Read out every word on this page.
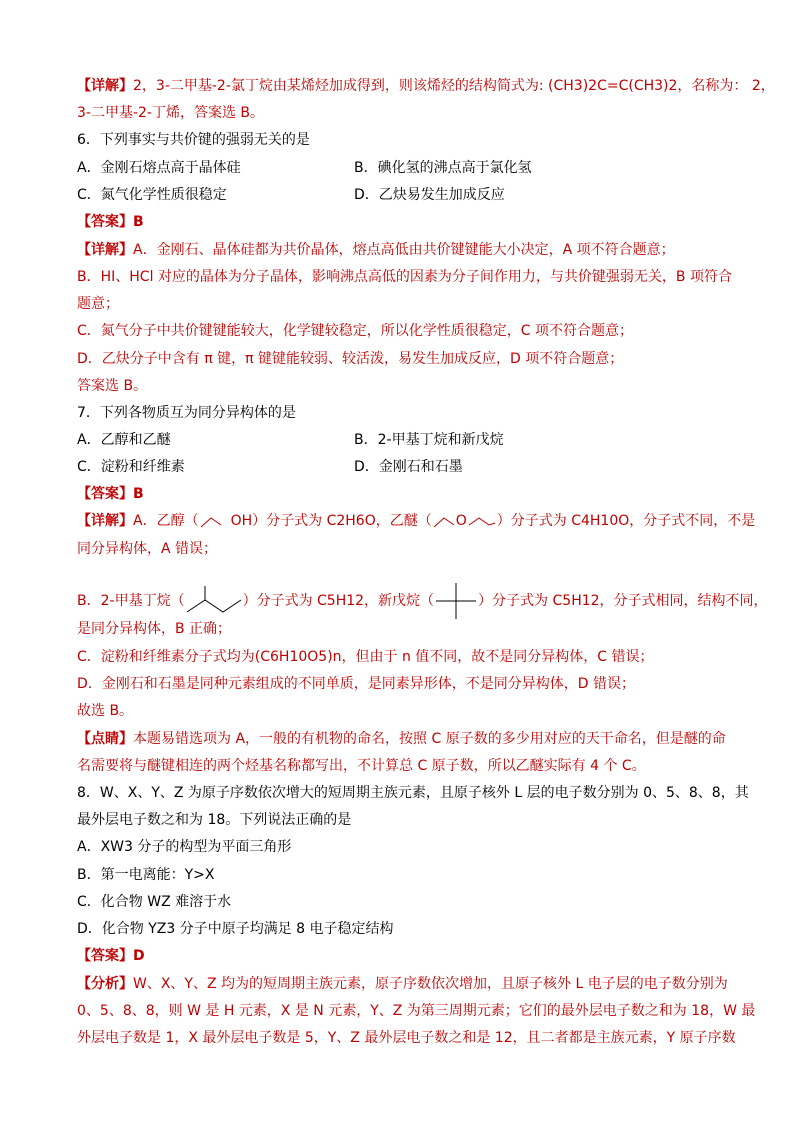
【详解】2，3-二甲基-2-氯丁烷由某烯烃加成得到，则该烯烃的结构简式为: (CH3)2C=C(CH3)2，名称为： 2，
3-二甲基-2-丁烯，答案选 B。
6．下列事实与共价键的强弱无关的是
A．金刚石熔点高于晶体硅	B．碘化氢的沸点高于氯化氢
C．氮气化学性质很稳定	D．乙炔易发生加成反应
【答案】B
【详解】A．金刚石、晶体硅都为共价晶体，熔点高低由共价键键能大小决定，A 项不符合题意；
B．HI、HCl 对应的晶体为分子晶体，影响沸点高低的因素为分子间作用力，与共价键强弱无关，B 项符合
题意；
C．氮气分子中共价键键能较大，化学键较稳定，所以化学性质很稳定，C 项不符合题意；
D．乙炔分子中含有 π 键，π 键键能较弱、较活泼，易发生加成反应，D 项不符合题意；
答案选 B。
7．下列各物质互为同分异构体的是
A．乙醇和乙醚	B．2-甲基丁烷和新戊烷
C．淀粉和纤维素	D．金刚石和石墨
【答案】B
【详解】A．乙醇（ OH）分子式为 C2H6O，乙醚（ O ）分子式为 C4H10O，分子式不同，不是
同分异构体，A 错误；
B．2-甲基丁烷（	）分子式为 C5H12，新戊烷（	）分子式为 C5H12，分子式相同，结构不同，
是同分异构体，B 正确；
C．淀粉和纤维素分子式均为(C6H10O5)n，但由于 n 值不同，故不是同分异构体，C 错误；
D．金刚石和石墨是同种元素组成的不同单质，是同素异形体，不是同分异构体，D 错误；
故选 B。
【点睛】本题易错选项为 A，一般的有机物的命名，按照 C 原子数的多少用对应的天干命名，但是醚的命
名需要将与醚键相连的两个烃基名称都写出，不计算总 C 原子数，所以乙醚实际有 4 个 C。
8．W、X、Y、Z 为原子序数依次增大的短周期主族元素，且原子核外 L 层的电子数分别为 0、5、8、8，其
最外层电子数之和为 18。下列说法正确的是
A．XW3 分子的构型为平面三角形
B．第一电离能：Y>X
C．化合物 WZ 难溶于水
D．化合物 YZ3 分子中原子均满足 8 电子稳定结构
【答案】D
【分析】W、X、Y、Z 均为的短周期主族元素，原子序数依次增加，且原子核外 L 电子层的电子数分别为
0、5、8、8，则 W 是 H 元素，X 是 N 元素，Y、Z 为第三周期元素；它们的最外层电子数之和为 18，W 最
外层电子数是 1，X 最外层电子数是 5，Y、Z 最外层电子数之和是 12，且二者都是主族元素，Y 原子序数
